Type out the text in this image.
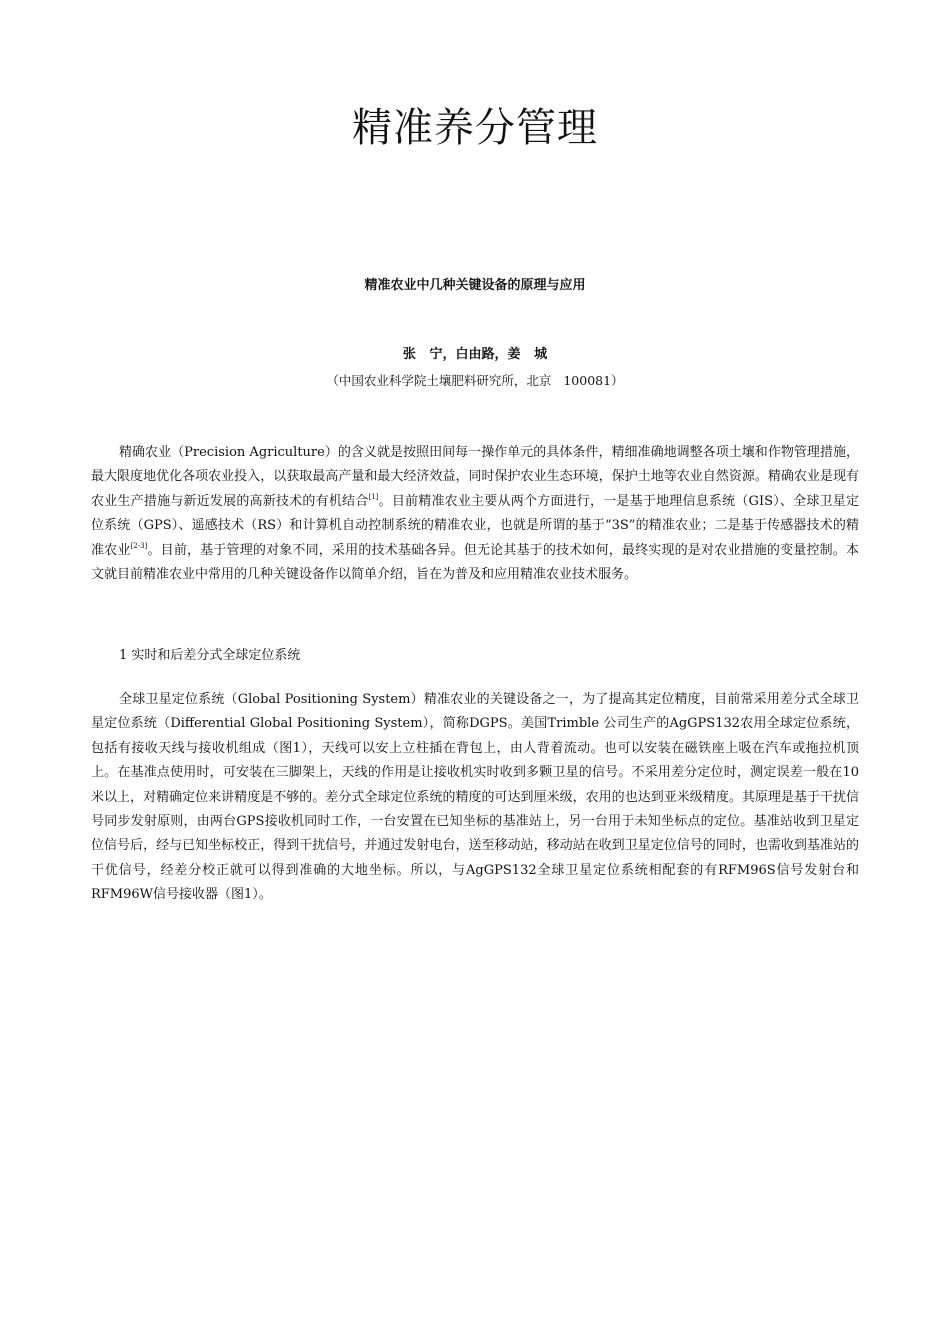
精准养分管理
精准农业中几种关键设备的原理与应用
张   宁，白由路，姜   城
（中国农业科学院土壤肥料研究所，北京   100081）

精确农业（Precision Agriculture）的含义就是按照田间每一操作单元的具体条件，精细准确地调整各项土壤和作物管理措施，最大限度地优化各项农业投入，以获取最高产量和最大经济效益，同时保护农业生态环境，保护土地等农业自然资源。精确农业是现有农业生产措施与新近发展的高新技术的有机结合[1]。目前精准农业主要从两个方面进行，一是基于地理信息系统（GIS）、全球卫星定位系统（GPS）、遥感技术（RS）和计算机自动控制系统的精准农业，也就是所谓的基于“3S”的精准农业；二是基于传感器技术的精准农业[2-3]。目前，基于管理的对象不同，采用的技术基础各异。但无论其基于的技术如何，最终实现的是对农业措施的变量控制。本文就目前精准农业中常用的几种关键设备作以简单介绍，旨在为普及和应用精准农业技术服务。

1 实时和后差分式全球定位系统

全球卫星定位系统（Global Positioning System）精准农业的关键设备之一，为了提高其定位精度，目前常采用差分式全球卫星定位系统（Differential Global Positioning System），简称DGPS。美国Trimble 公司生产的AgGPS132农用全球定位系统，包括有接收天线与接收机组成（图1），天线可以安上立柱插在背包上，由人背着流动。也可以安装在磁铁座上吸在汽车或拖拉机顶上。在基准点使用时，可安装在三脚架上，天线的作用是让接收机实时收到多颗卫星的信号。不采用差分定位时，测定误差一般在10米以上，对精确定位来讲精度是不够的。差分式全球定位系统的精度的可达到厘米级，农用的也达到亚米级精度。其原理是基于干扰信号同步发射原则，由两台GPS接收机同时工作，一台安置在已知坐标的基准站上，另一台用于未知坐标点的定位。基准站收到卫星定位信号后，经与已知坐标校正，得到干扰信号，并通过发射电台，送至移动站，移动站在收到卫星定位信号的同时，也需收到基准站的干优信号，经差分校正就可以得到准确的大地坐标。所以，与AgGPS132全球卫星定位系统相配套的有RFM96S信号发射台和RFM96W信号接收器（图1）。
